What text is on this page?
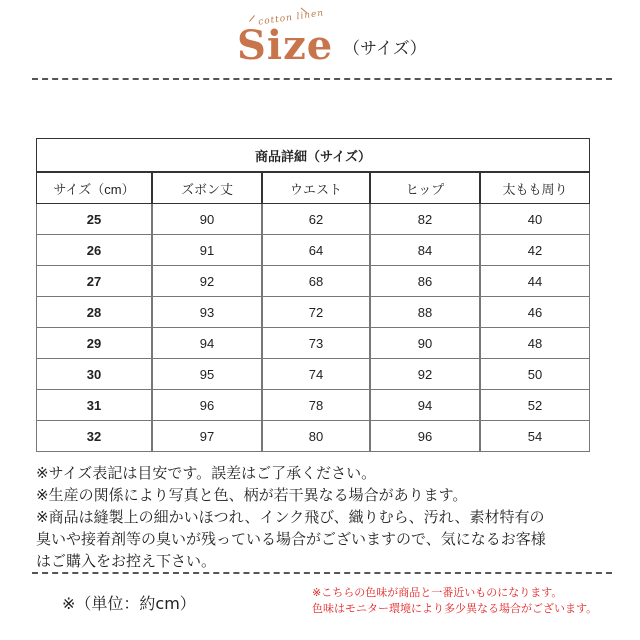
cotton linen
Size （サイズ）
商品詳細（サイズ）				
サイズ（cm）	ズボン丈	ウエスト	ヒップ	太もも周り
25	90	62	82	40
26	91	64	84	42
27	92	68	86	44
28	93	72	88	46
29	94	73	90	48
30	95	74	92	50
31	96	78	94	52
32	97	80	96	54
※サイズ表記は目安です。誤差はご了承ください。
※生産の関係により写真と色、柄が若干異なる場合があります。
※商品は縫製上の細かいほつれ、インク飛び、織りむら、汚れ、素材特有の
臭いや接着剤等の臭いが残っている場合がございますので、気になるお客様
はご購入をお控え下さい。
※（単位：約cm）
※こちらの色味が商品と一番近いものになります。
色味はモニター環境により多少異なる場合がございます。
